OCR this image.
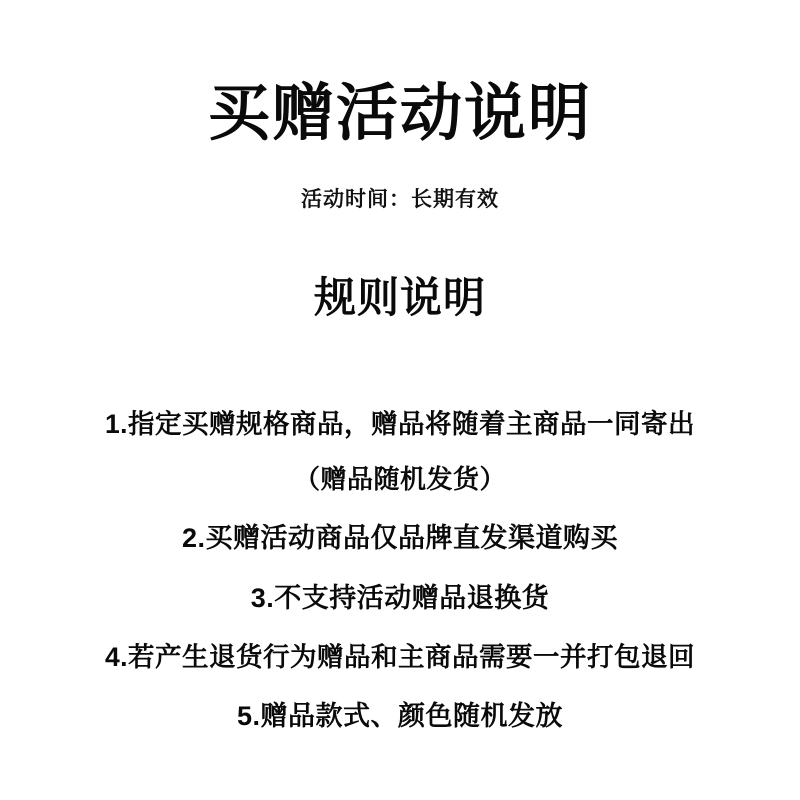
买赠活动说明
活动时间：长期有效
规则说明
1.指定买赠规格商品，赠品将随着主商品一同寄出
（赠品随机发货）
2.买赠活动商品仅品牌直发渠道购买
3.不支持活动赠品退换货
4.若产生退货行为赠品和主商品需要一并打包退回
5.赠品款式、颜色随机发放
